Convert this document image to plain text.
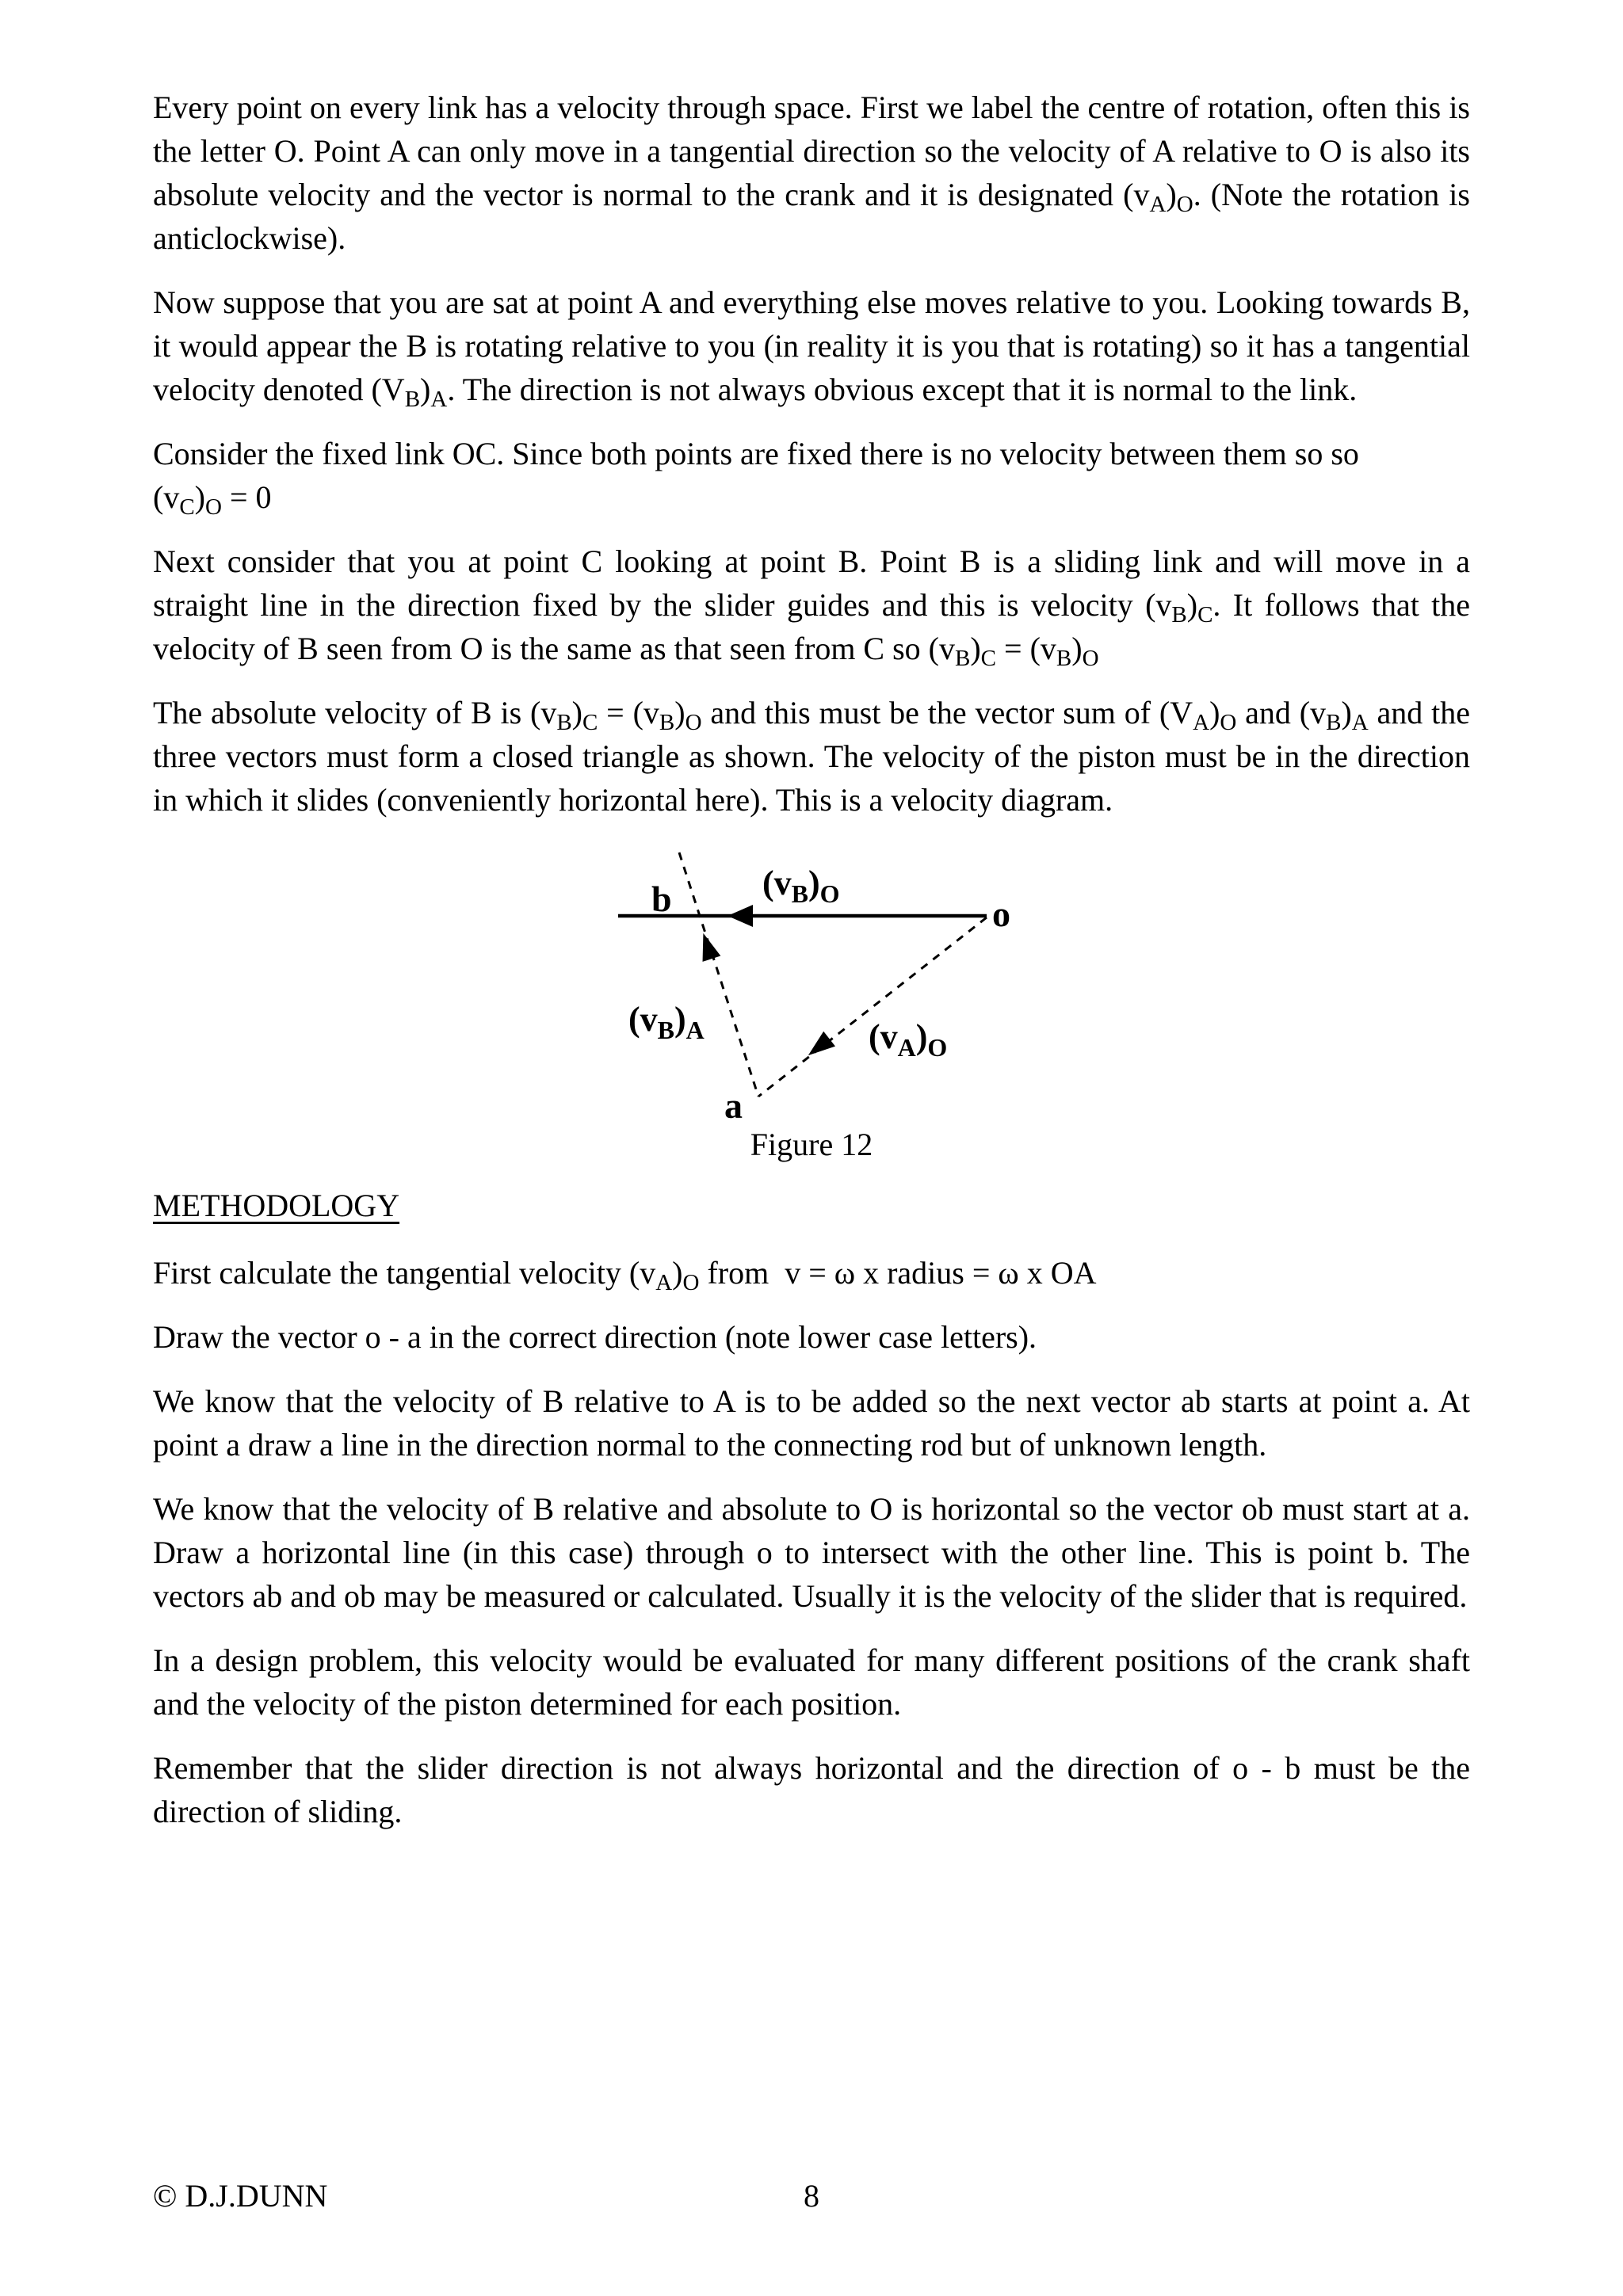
Every point on every link has a velocity through space. First we label the centre of rotation, often this is the letter O. Point A can only move in a tangential direction so the velocity of A relative to O is also its absolute velocity and the vector is normal to the crank and it is designated $(v_A)_O$. (Note the rotation is anticlockwise).

Now suppose that you are sat at point A and everything else moves relative to you. Looking towards B, it would appear the B is rotating relative to you (in reality it is you that is rotating) so it has a tangential velocity denoted $(V_B)_A$. The direction is not always obvious except that it is normal to the link.

Consider the fixed link OC. Since both points are fixed there is no velocity between them so so

$(v_C)_O = 0$

Next consider that you at point C looking at point B. Point B is a sliding link and will move in a straight line in the direction fixed by the slider guides and this is velocity $(v_B)_C$. It follows that the velocity of B seen from O is the same as that seen from C so $(v_B)_C = (v_B)_O$

The absolute velocity of B is $(v_B)_C = (v_B)_O$ and this must be the vector sum of $(V_A)_O$ and $(v_B)_A$ and the three vectors must form a closed triangle as shown. The velocity of the piston must be in the direction in which it slides (conveniently horizontal here). This is a velocity diagram.

b	o
a
$(v_B)_O$
$(v_B)_A$	$(v_A)_O$

Figure 12

METHODOLOGY

First calculate the tangential velocity $(v_A)_O$ from  v = ω x radius = ω x OA

Draw the vector o - a in the correct direction (note lower case letters).

We know that the velocity of B relative to A is to be added so the next vector ab starts at point a. At point a draw a line in the direction normal to the connecting rod but of unknown length.

We know that the velocity of B relative and absolute to O is horizontal so the vector ob must start at a. Draw a horizontal line (in this case) through o to intersect with the other line. This is point b. The vectors ab and ob may be measured or calculated. Usually it is the velocity of the slider that is required.

In a design problem, this velocity would be evaluated for many different positions of the crank shaft and the velocity of the piston determined for each position.

Remember that the slider direction is not always horizontal and the direction of o - b must be the direction of sliding.

© D.J.DUNN	8
